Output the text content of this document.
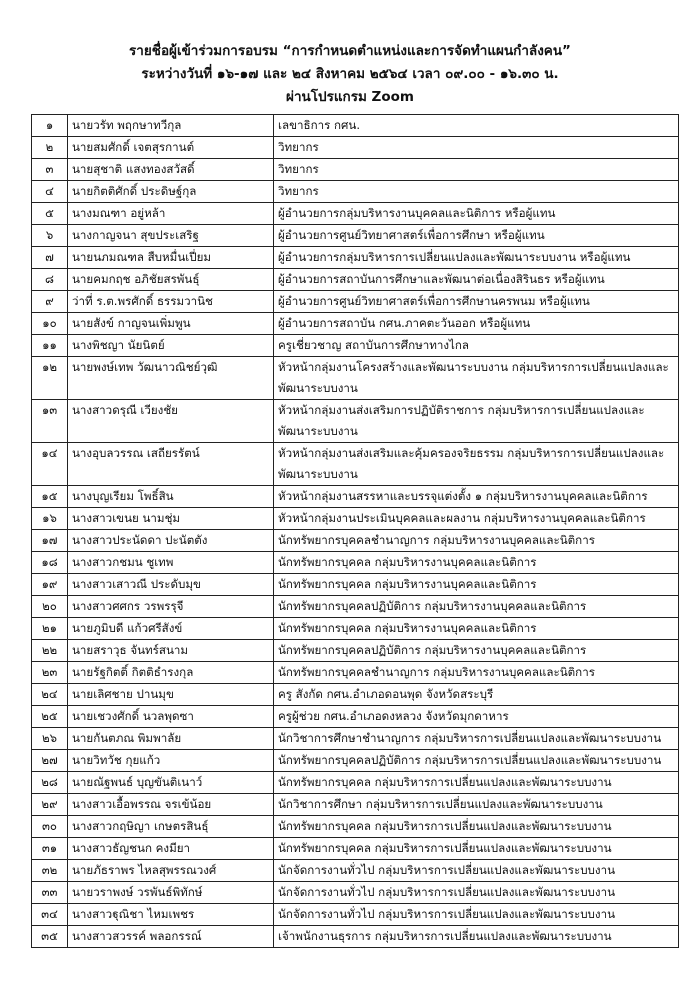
รายชื่อผู้เข้าร่วมการอบรม “การกำหนดตำแหน่งและการจัดทำแผนกำลังคน”
ระหว่างวันที่ ๑๖-๑๗ และ ๒๔ สิงหาคม ๒๕๖๔ เวลา ๐๙.๐๐ - ๑๖.๓๐ น.
ผ่านโปรแกรม Zoom
๑	นายวรัท พฤกษาทวีกุล	เลขาธิการ กศน.
๒	นายสมศักดิ์ เจตสุรกานต์	วิทยากร
๓	นายสุชาติ แสงทองสวัสดิ์	วิทยากร
๔	นายกิตติศักดิ์ ประดิษฐ์กุล	วิทยากร
๕	นางมณฑา อยู่หล้า	ผู้อำนวยการกลุ่มบริหารงานบุคคลและนิติการ หรือผู้แทน
๖	นางกาญจนา สุขประเสริฐ	ผู้อำนวยการศูนย์วิทยาศาสตร์เพื่อการศึกษา หรือผู้แทน
๗	นายนภมณฑล สืบหมื่นเปี่ยม	ผู้อำนวยการกลุ่มบริหารการเปลี่ยนแปลงและพัฒนาระบบงาน หรือผู้แทน
๘	นายคมกฤช อภิชัยสรพันธุ์	ผู้อำนวยการสถาบันการศึกษาและพัฒนาต่อเนื่องสิรินธร หรือผู้แทน
๙	ว่าที่ ร.ต.พรศักดิ์ ธรรมวานิช	ผู้อำนวยการศูนย์วิทยาศาสตร์เพื่อการศึกษานครพนม หรือผู้แทน
๑๐	นายสังข์ กาญจนเพิ่มพูน	ผู้อำนวยการสถาบัน กศน.ภาคตะวันออก หรือผู้แทน
๑๑	นางพิชญา นัยนิตย์	ครูเชี่ยวชาญ สถาบันการศึกษาทางไกล
๑๒	นายพงษ์เทพ วัฒนาวณิชย์วุฒิ	หัวหน้ากลุ่มงานโครงสร้างและพัฒนาระบบงาน กลุ่มบริหารการเปลี่ยนแปลงและพัฒนาระบบงาน
๑๓	นางสาวดรุณี เวียงชัย	หัวหน้ากลุ่มงานส่งเสริมการปฏิบัติราชการ กลุ่มบริหารการเปลี่ยนแปลงและพัฒนาระบบงาน
๑๔	นางอุบลวรรณ เสถียรรัตน์	หัวหน้ากลุ่มงานส่งเสริมและคุ้มครองจริยธรรม กลุ่มบริหารการเปลี่ยนแปลงและพัฒนาระบบงาน
๑๕	นางบุญเรียม โพธิ์สิน	หัวหน้ากลุ่มงานสรรหาและบรรจุแต่งตั้ง ๑ กลุ่มบริหารงานบุคคลและนิติการ
๑๖	นางสาวเขนย นามชุ่ม	หัวหน้ากลุ่มงานประเมินบุคคลและผลงาน กลุ่มบริหารงานบุคคลและนิติการ
๑๗	นางสาวประนัดดา ปะนัตตัง	นักทรัพยากรบุคคลชำนาญการ กลุ่มบริหารงานบุคคลและนิติการ
๑๘	นางสาวกชมน ชูเทพ	นักทรัพยากรบุคคล กลุ่มบริหารงานบุคคลและนิติการ
๑๙	นางสาวเสาวณี ประดับมุข	นักทรัพยากรบุคคล กลุ่มบริหารงานบุคคลและนิติการ
๒๐	นางสาวศศกร วรพรรุจี	นักทรัพยากรบุคคลปฏิบัติการ กลุ่มบริหารงานบุคคลและนิติการ
๒๑	นายภูมิบดี แก้วศรีสังข์	นักทรัพยากรบุคคล กลุ่มบริหารงานบุคคลและนิติการ
๒๒	นายสราวุธ จันทร์สนาม	นักทรัพยากรบุคคลปฏิบัติการ กลุ่มบริหารงานบุคคลและนิติการ
๒๓	นายรัฐกิตติ์ กิตติธำรงกุล	นักทรัพยากรบุคคลชำนาญการ กลุ่มบริหารงานบุคคลและนิติการ
๒๔	นายเลิศชาย ปานมุข	ครู สังกัด กศน.อำเภอดอนพุด จังหวัดสระบุรี
๒๕	นายเชวงศักดิ์ นวลพุดซา	ครูผู้ช่วย กศน.อำเภอดงหลวง จังหวัดมุกดาหาร
๒๖	นายกันตภณ พิมพาลัย	นักวิชาการศึกษาชำนาญการ กลุ่มบริหารการเปลี่ยนแปลงและพัฒนาระบบงาน
๒๗	นายวิทวัช กุยแก้ว	นักทรัพยากรบุคคลปฏิบัติการ กลุ่มบริหารการเปลี่ยนแปลงและพัฒนาระบบงาน
๒๘	นายณัฐพนธ์ บุญขันติเนาว์	นักทรัพยากรบุคคล กลุ่มบริหารการเปลี่ยนแปลงและพัฒนาระบบงาน
๒๙	นางสาวเอื้อพรรณ จรเข้น้อย	นักวิชาการศึกษา กลุ่มบริหารการเปลี่ยนแปลงและพัฒนาระบบงาน
๓๐	นางสาวกฤษิญา เกษตรสินธุ์	นักทรัพยากรบุคคล กลุ่มบริหารการเปลี่ยนแปลงและพัฒนาระบบงาน
๓๑	นางสาวธัญชนก คงมียา	นักทรัพยากรบุคคล กลุ่มบริหารการเปลี่ยนแปลงและพัฒนาระบบงาน
๓๒	นายภัธราพร ไหลสุพรรณวงศ์	นักจัดการงานทั่วไป กลุ่มบริหารการเปลี่ยนแปลงและพัฒนาระบบงาน
๓๓	นายวราพงษ์ วรพันธ์พิทักษ์	นักจัดการงานทั่วไป กลุ่มบริหารการเปลี่ยนแปลงและพัฒนาระบบงาน
๓๔	นางสาวฐุณิชา ไหมเพชร	นักจัดการงานทั่วไป กลุ่มบริหารการเปลี่ยนแปลงและพัฒนาระบบงาน
๓๕	นางสาวสวรรค์ พลอกรรณ์	เจ้าพนักงานธุรการ กลุ่มบริหารการเปลี่ยนแปลงและพัฒนาระบบงาน
